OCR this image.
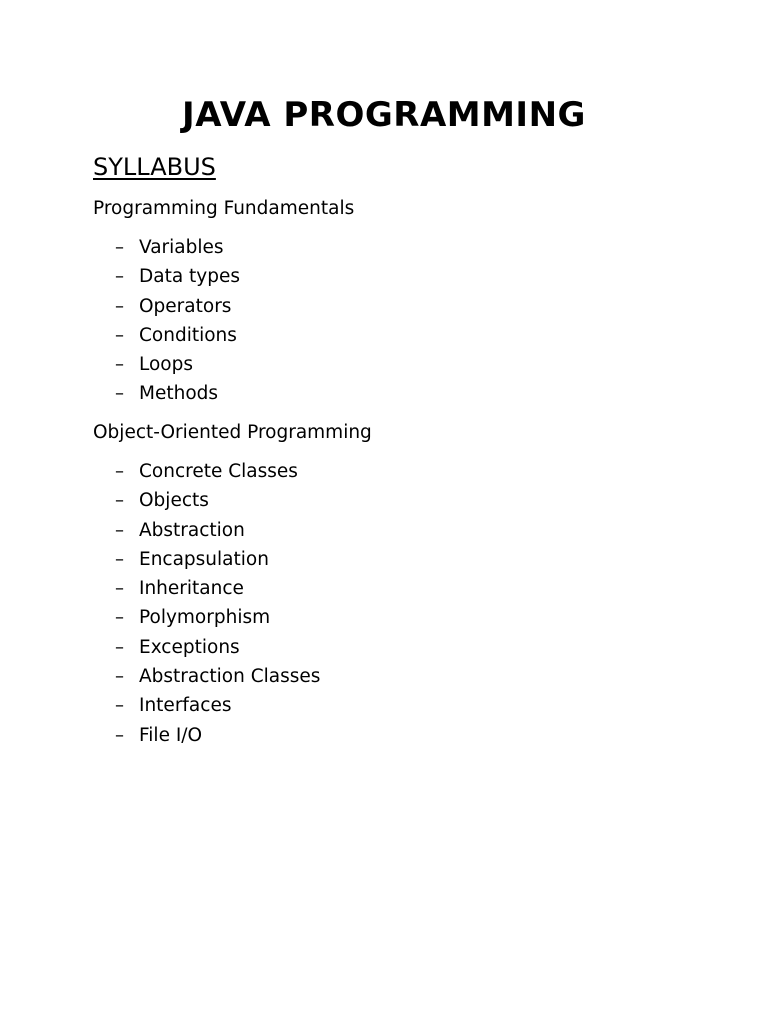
JAVA PROGRAMMING
SYLLABUS

Programming Fundamentals

– Variables
– Data types
– Operators
– Conditions
– Loops
– Methods

Object-Oriented Programming

– Concrete Classes
– Objects
– Abstraction
– Encapsulation
– Inheritance
– Polymorphism
– Exceptions
– Abstraction Classes
– Interfaces
– File I/O
